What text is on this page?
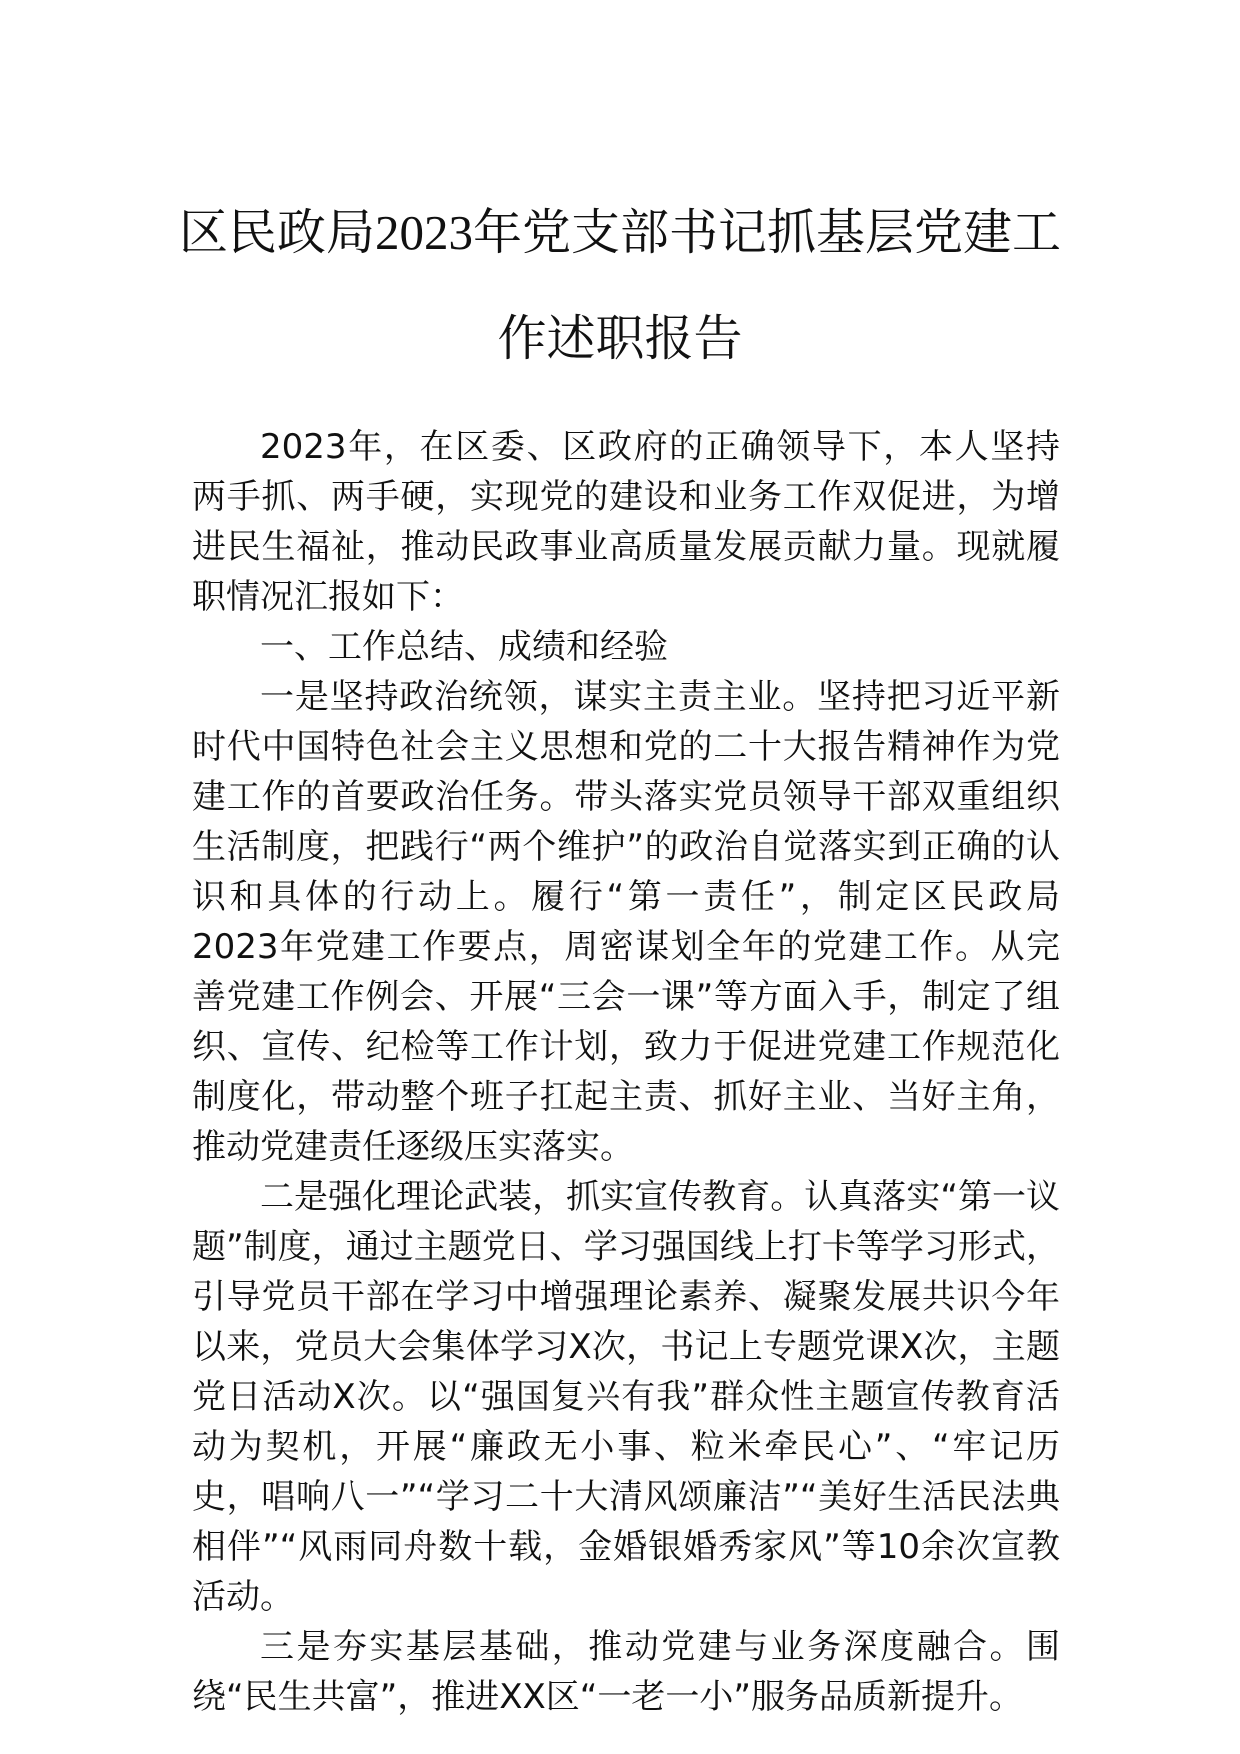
区民政局2023年党支部书记抓基层党建工
作述职报告

2023年，在区委、区政府的正确领导下，本人坚持两手抓、两手硬，实现党的建设和业务工作双促进，为增进民生福祉，推动民政事业高质量发展贡献力量。现就履职情况汇报如下：

一、工作总结、成绩和经验

一是坚持政治统领，谋实主责主业。坚持把习近平新时代中国特色社会主义思想和党的二十大报告精神作为党建工作的首要政治任务。带头落实党员领导干部双重组织生活制度，把践行“两个维护”的政治自觉落实到正确的认识和具体的行动上。履行“第一责任”，制定区民政局2023年党建工作要点，周密谋划全年的党建工作。从完善党建工作例会、开展“三会一课”等方面入手，制定了组织、宣传、纪检等工作计划，致力于促进党建工作规范化制度化，带动整个班子扛起主责、抓好主业、当好主角，推动党建责任逐级压实落实。

二是强化理论武装，抓实宣传教育。认真落实“第一议题”制度，通过主题党日、学习强国线上打卡等学习形式，引导党员干部在学习中增强理论素养、凝聚发展共识今年以来，党员大会集体学习X次，书记上专题党课X次，主题党日活动X次。以“强国复兴有我”群众性主题宣传教育活动为契机，开展“廉政无小事、粒米牵民心”、“牢记历史，唱响八一”“学习二十大清风颂廉洁”“美好生活民法典相伴”“风雨同舟数十载，金婚银婚秀家风”等10余次宣教活动。

三是夯实基层基础，推动党建与业务深度融合。围绕“民生共富”，推进XX区“一老一小”服务品质新提升。
